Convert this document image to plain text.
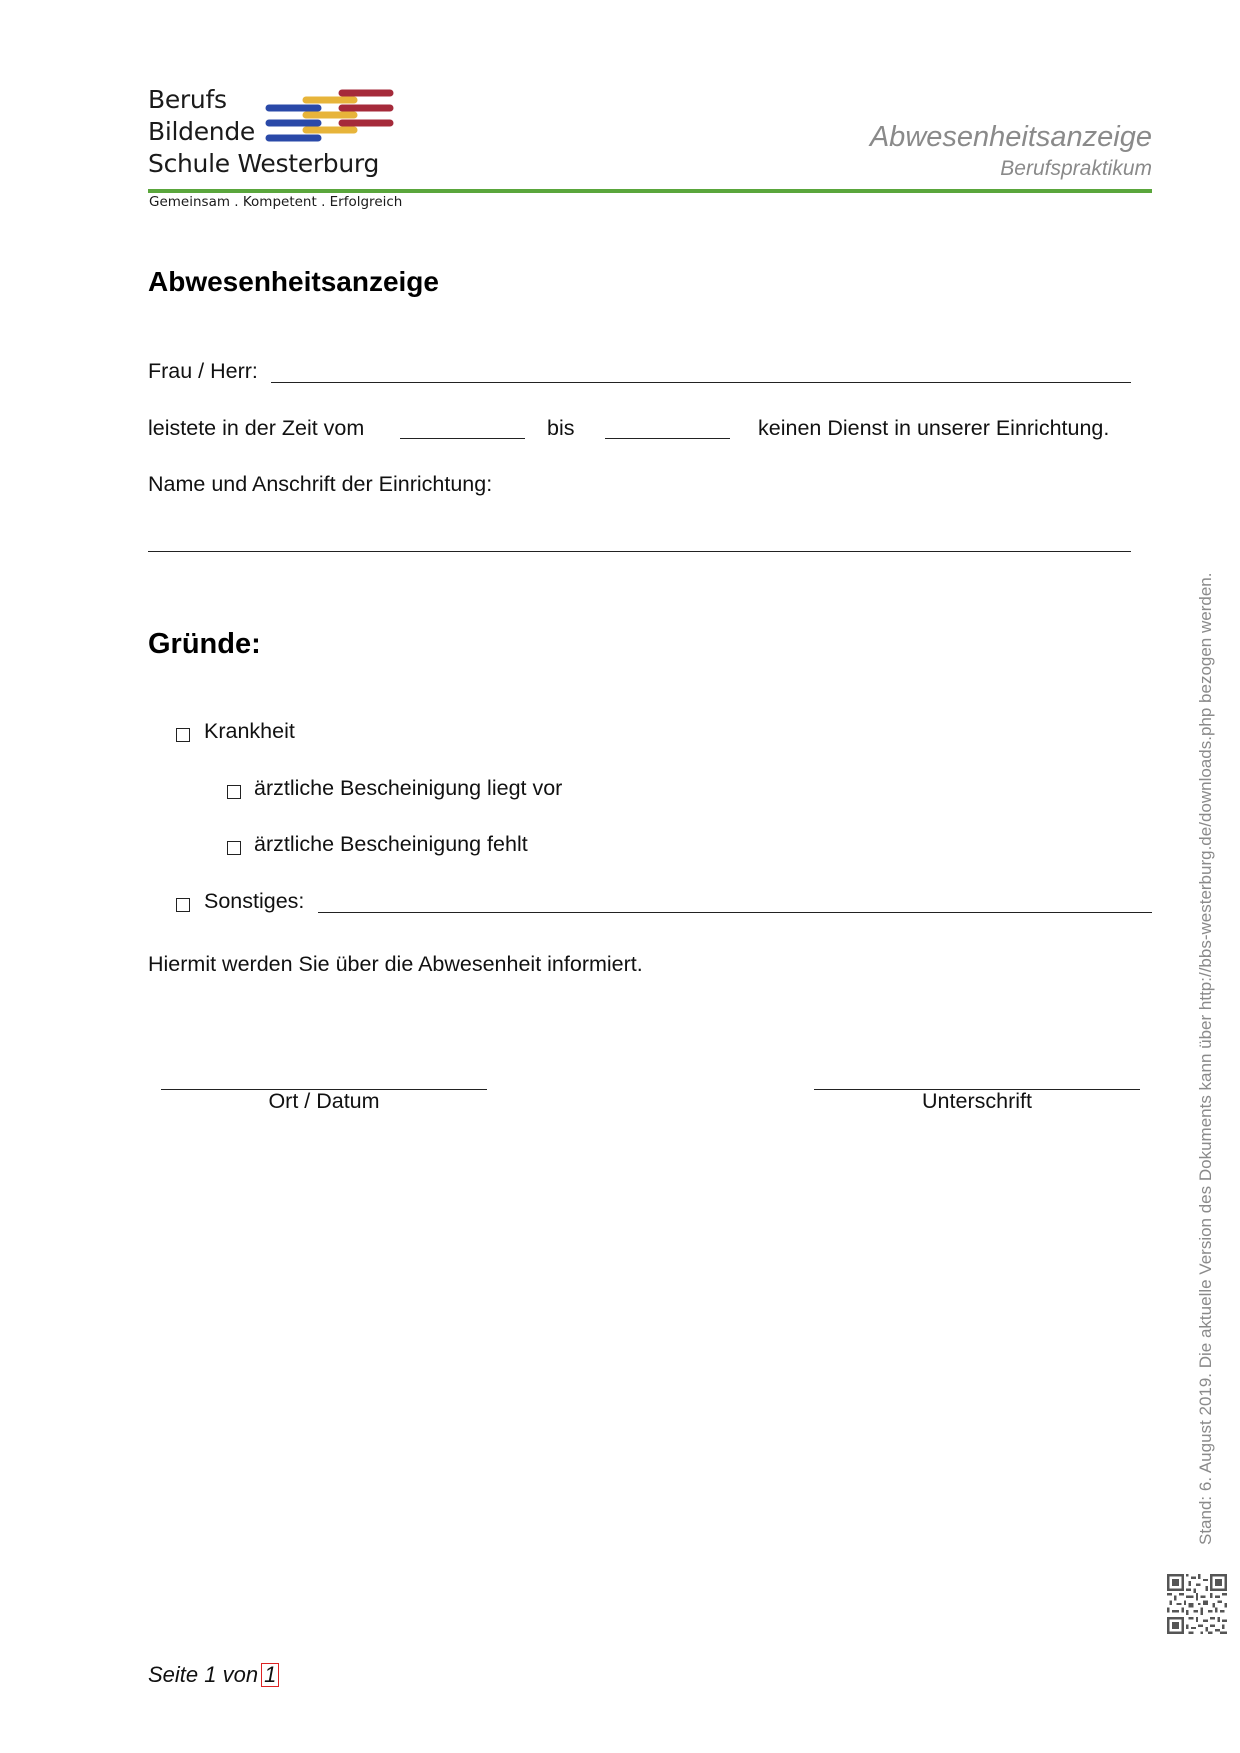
Berufs
Bildende
Schule Westerburg
Gemeinsam . Kompetent . Erfolgreich
Abwesenheitsanzeige
Berufspraktikum
Abwesenheitsanzeige
Frau / Herr:
leistete in der Zeit vom	bis	keinen Dienst in unserer Einrichtung.
Name und Anschrift der Einrichtung:
Gründe:
Krankheit
ärztliche Bescheinigung liegt vor
ärztliche Bescheinigung fehlt
Sonstiges:
Hiermit werden Sie über die Abwesenheit informiert.
Ort / Datum	Unterschrift	Stand: 6. August 2019. Die aktuelle Version des Dokuments kann über http://bbs-westerburg.de/downloads.php bezogen werden.
Seite 1 von 1
